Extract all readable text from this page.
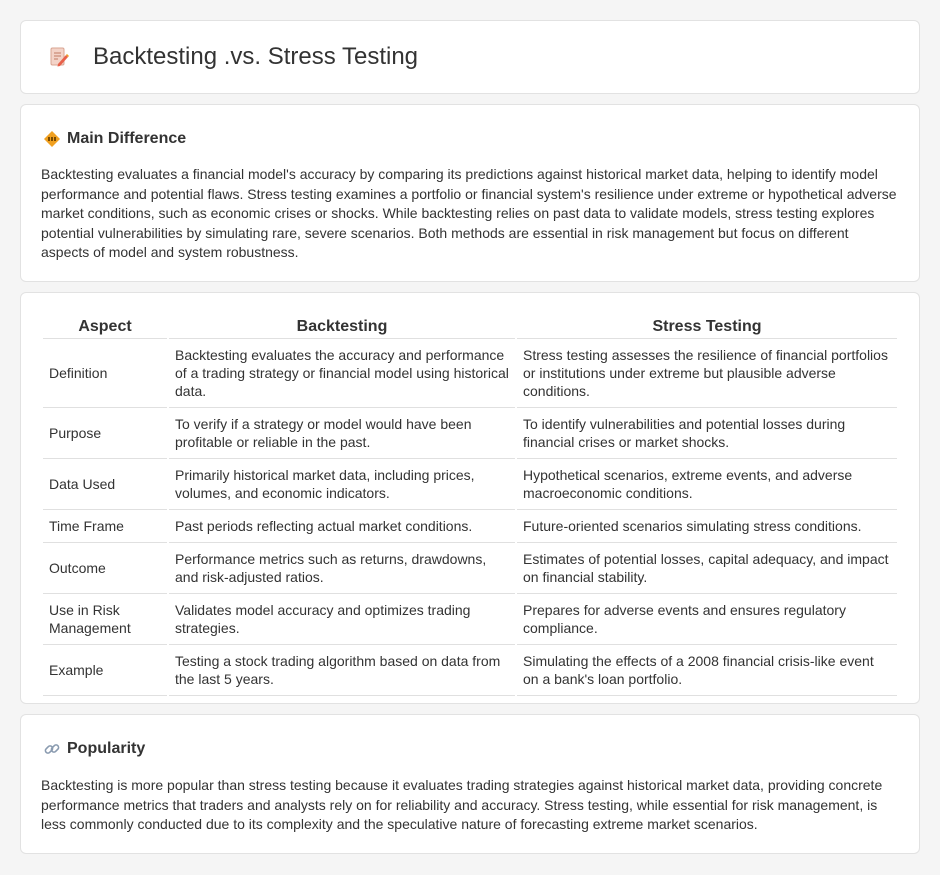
Backtesting .vs. Stress Testing
Main Difference

Backtesting evaluates a financial model's accuracy by comparing its predictions against historical market data, helping to identify model performance and potential flaws. Stress testing examines a portfolio or financial system's resilience under extreme or hypothetical adverse market conditions, such as economic crises or shocks. While backtesting relies on past data to validate models, stress testing explores potential vulnerabilities by simulating rare, severe scenarios. Both methods are essential in risk management but focus on different aspects of model and system robustness.

Aspect	Backtesting	Stress Testing
Definition	Backtesting evaluates the accuracy and performance of a trading strategy or financial model using historical data.	Stress testing assesses the resilience of financial portfolios or institutions under extreme but plausible adverse conditions.
Purpose	To verify if a strategy or model would have been profitable or reliable in the past.	To identify vulnerabilities and potential losses during financial crises or market shocks.
Data Used	Primarily historical market data, including prices, volumes, and economic indicators.	Hypothetical scenarios, extreme events, and adverse macroeconomic conditions.
Time Frame	Past periods reflecting actual market conditions.	Future-oriented scenarios simulating stress conditions.
Outcome	Performance metrics such as returns, drawdowns, and risk-adjusted ratios.	Estimates of potential losses, capital adequacy, and impact on financial stability.
Use in Risk Management	Validates model accuracy and optimizes trading strategies.	Prepares for adverse events and ensures regulatory compliance.
Example	Testing a stock trading algorithm based on data from the last 5 years.	Simulating the effects of a 2008 financial crisis-like event on a bank's loan portfolio.
Popularity

Backtesting is more popular than stress testing because it evaluates trading strategies against historical market data, providing concrete performance metrics that traders and analysts rely on for reliability and accuracy. Stress testing, while essential for risk management, is less commonly conducted due to its complexity and the speculative nature of forecasting extreme market scenarios.
